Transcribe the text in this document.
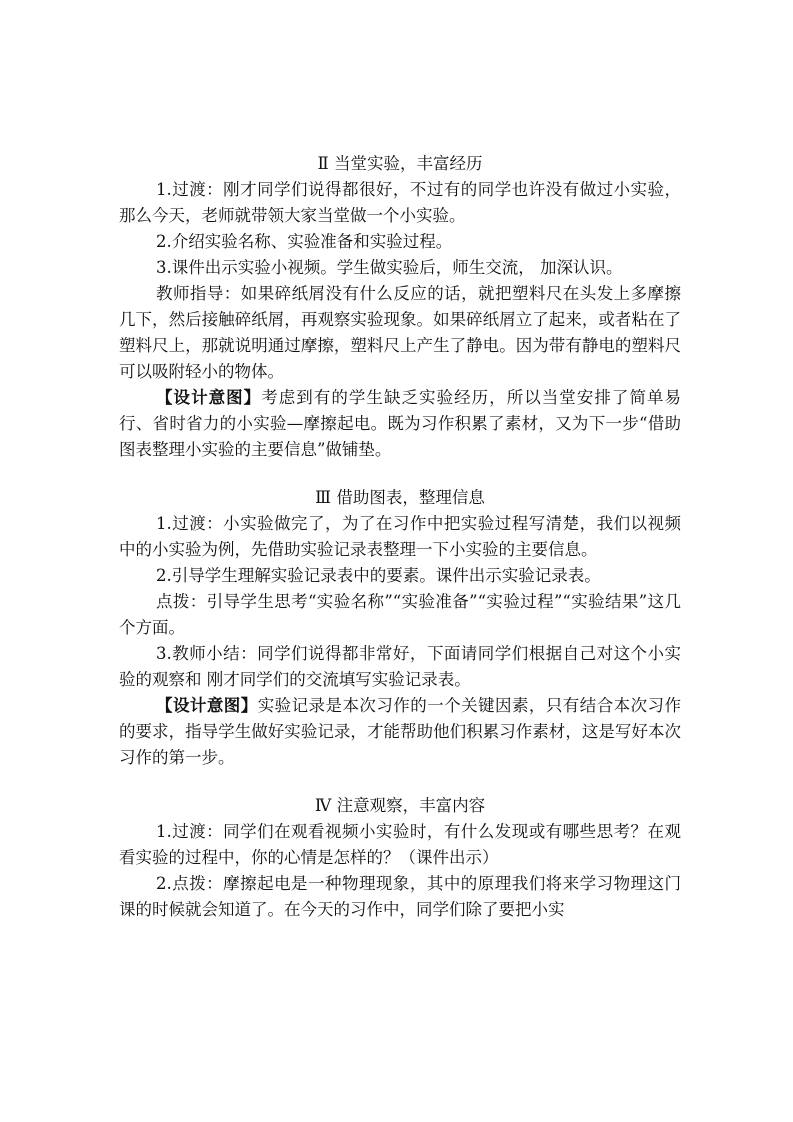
Ⅱ 当堂实验，丰富经历

1.过渡：刚才同学们说得都很好，不过有的同学也许没有做过小实验，那么今天，老师就带领大家当堂做一个小实验。

2.介绍实验名称、实验准备和实验过程。

3.课件出示实验小视频。学生做实验后，师生交流， 加深认识。

教师指导：如果碎纸屑没有什么反应的话，就把塑料尺在头发上多摩擦几下，然后接触碎纸屑，再观察实验现象。如果碎纸屑立了起来，或者粘在了塑料尺上，那就说明通过摩擦，塑料尺上产生了静电。因为带有静电的塑料尺可以吸附轻小的物体。

【设计意图】考虑到有的学生缺乏实验经历，所以当堂安排了简单易行、省时省力的小实验—摩擦起电。既为习作积累了素材，又为下一步“借助图表整理小实验的主要信息”做铺垫。

Ⅲ 借助图表，整理信息

1.过渡：小实验做完了，为了在习作中把实验过程写清楚，我们以视频中的小实验为例，先借助实验记录表整理一下小实验的主要信息。

2.引导学生理解实验记录表中的要素。课件出示实验记录表。

点拨：引导学生思考“实验名称”“实验准备”“实验过程”“实验结果”这几个方面。

3.教师小结：同学们说得都非常好，下面请同学们根据自己对这个小实验的观察和 刚才同学们的交流填写实验记录表。

【设计意图】实验记录是本次习作的一个关键因素，只有结合本次习作的要求，指导学生做好实验记录，才能帮助他们积累习作素材，这是写好本次习作的第一步。

Ⅳ 注意观察，丰富内容

1.过渡：同学们在观看视频小实验时，有什么发现或有哪些思考？在观看实验的过程中，你的心情是怎样的？（课件出示）

2.点拨：摩擦起电是一种物理现象，其中的原理我们将来学习物理这门课的时候就会知道了。在今天的习作中，同学们除了要把小实
